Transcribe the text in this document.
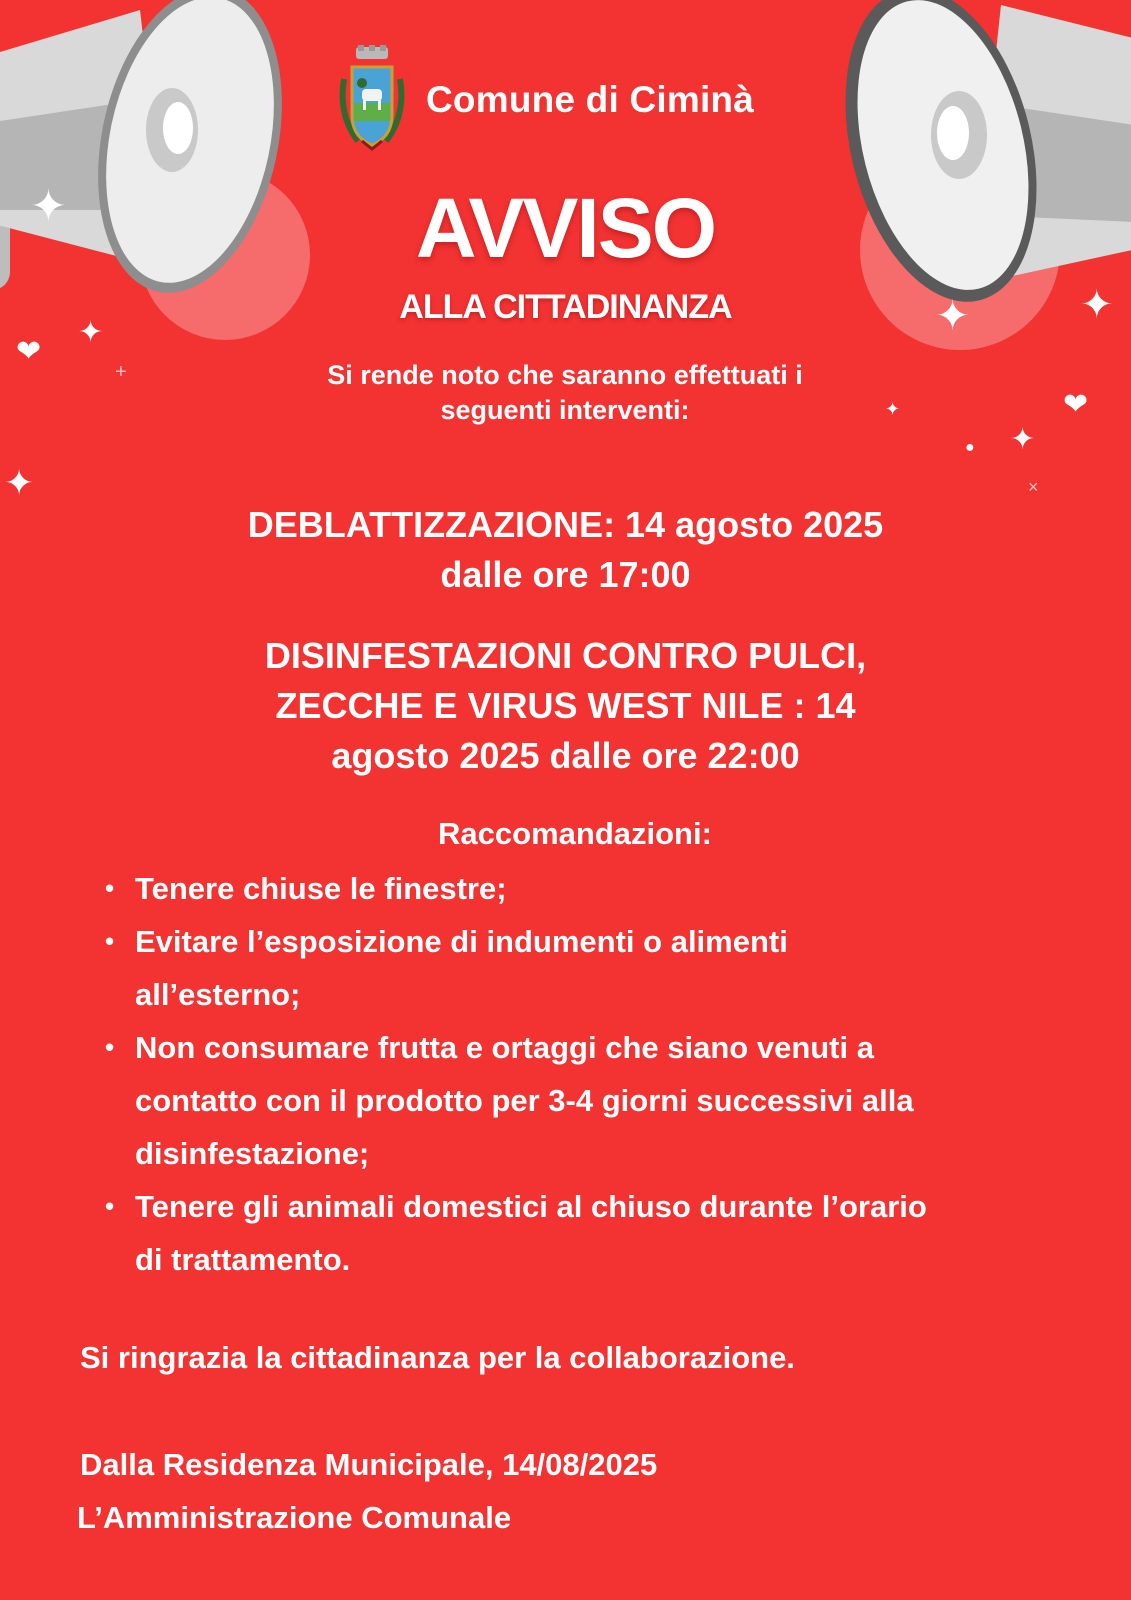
✦
✦
✦
✦
✦	✦
✦
❤
❤
●
+
×
Comune di Ciminà
AVVISO
ALLA CITTADINANZA
Si rende noto che saranno effettuati i
seguenti interventi:
DEBLATTIZZAZIONE: 14 agosto 2025
dalle ore 17:00
DISINFESTAZIONI CONTRO PULCI,
ZECCHE E VIRUS WEST NILE : 14
agosto 2025 dalle ore 22:00
Raccomandazioni:
• Tenere chiuse le finestre;
• Evitare l’esposizione di indumenti o alimenti
all’esterno;
• Non consumare frutta e ortaggi che siano venuti a
contatto con il prodotto per 3-4 giorni successivi alla
disinfestazione;
• Tenere gli animali domestici al chiuso durante l’orario
di trattamento.
Si ringrazia la cittadinanza per la collaborazione.
Dalla Residenza Municipale, 14/08/2025
L’Amministrazione Comunale
